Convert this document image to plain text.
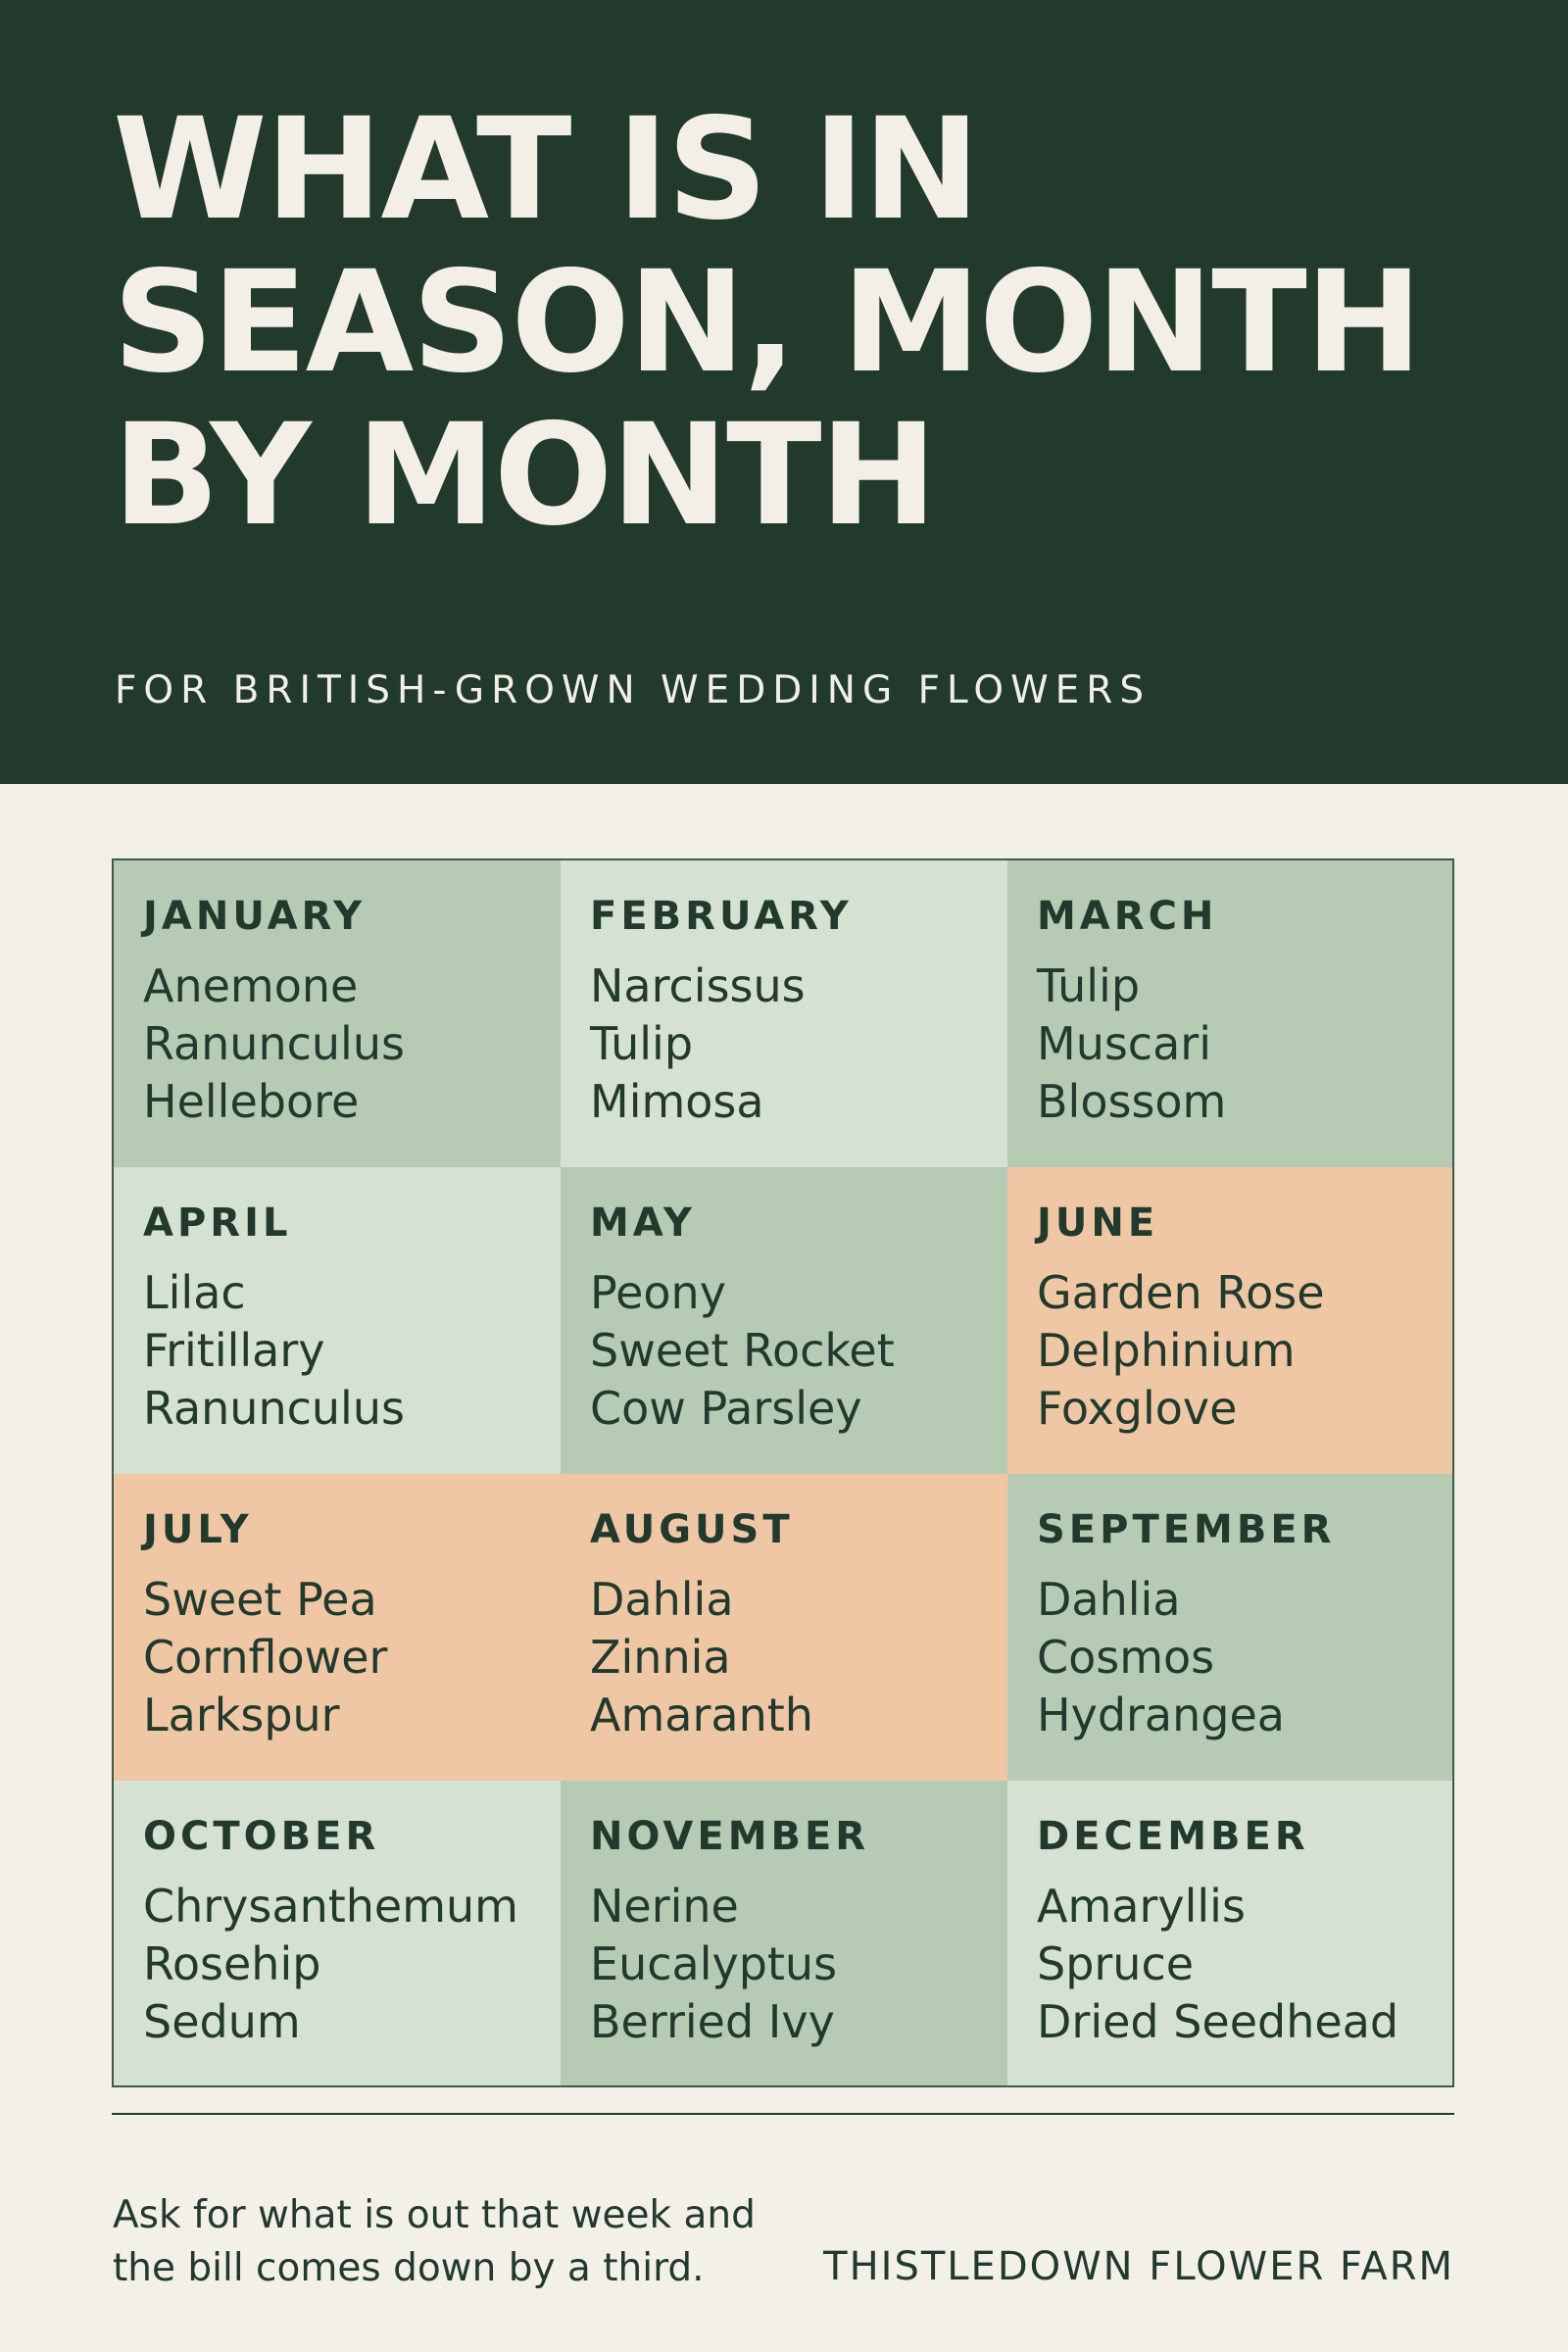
WHAT IS IN
SEASON, MONTH
BY MONTH

FOR BRITISH-GROWN WEDDING FLOWERS

JANUARY
Anemone
Ranunculus
Hellebore
FEBRUARY
Narcissus
Tulip
Mimosa
MARCH
Tulip
Muscari
Blossom
APRIL
Lilac
Fritillary
Ranunculus
MAY
Peony
Sweet Rocket
Cow Parsley
JUNE
Garden Rose
Delphinium
Foxglove
JULY
Sweet Pea
Cornflower
Larkspur
AUGUST
Dahlia
Zinnia
Amaranth
SEPTEMBER
Dahlia
Cosmos
Hydrangea
OCTOBER
Chrysanthemum
Rosehip
Sedum
NOVEMBER
Nerine
Eucalyptus
Berried Ivy
DECEMBER
Amaryllis
Spruce
Dried Seedhead

Ask for what is out that week and
the bill comes down by a third.	THISTLEDOWN FLOWER FARM
